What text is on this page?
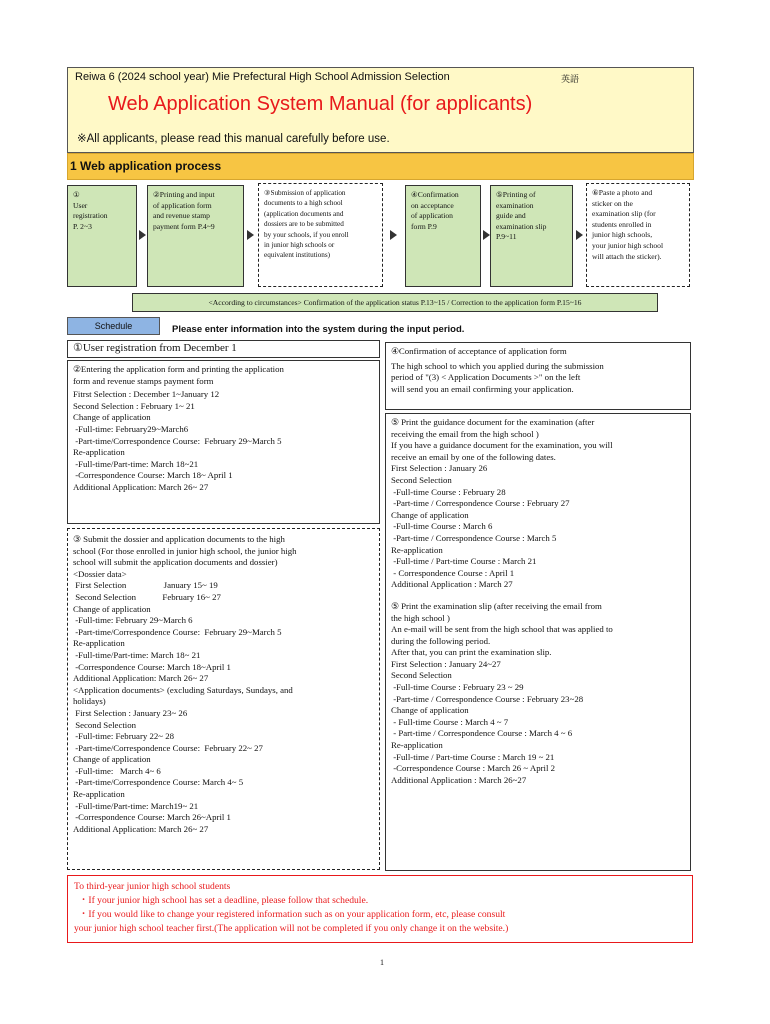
Reiwa 6 (2024 school year) Mie Prefectural High School Admission Selection	英語
Web Application System Manual (for applicants)
※All applicants, please read this manual carefully before use.
1 Web application process
①
User
registration
P. 2~3
②Printing and input
of application form
and revenue stamp
payment form P.4~9
③Submission of application
documents to a high school
(application documents and
dossiers are to be submitted
by your schools, if you enroll
in junior high schools or
equivalent institutions)
④Confirmation
on acceptance
of application
form P.9
⑤Printing of
examination
guide and
examination slip
P.9~11
⑥Paste a photo and
sticker on the
examination slip (for
students enrolled in
junior high schools,
your junior high school
will attach the sticker).
<According to circumstances> Confirmation of the application status P.13~15 / Correction to the application form P.15~16
Schedule	Please enter information into the system during the input period.
①User registration from December 1
②Entering the application form and printing the application
form and revenue stamps payment form
Fitrst Selection : December 1~January 12
Second Selection : February 1~ 21
Change of application
-Full-time: February29~March6
-Part-time/Correspondence Course:  February 29~March 5
Re-application
-Full-time/Part-time: March 18~21
-Correspondence Course: March 18~ April 1
Additional Application: March 26~ 27
③ Submit the dossier and application documents to the high
school (For those enrolled in junior high school, the junior high
school will submit the application documents and dossier)
<Dossier data>
First Selection                 January 15~ 19
Second Selection            February 16~ 27
Change of application
-Full-time: February 29~March 6
-Part-time/Correspondence Course:  February 29~March 5
Re-application
-Full-time/Part-time: March 18~ 21
-Correspondence Course: March 18~April 1
Additional Application: March 26~ 27
<Application documents> (excluding Saturdays, Sundays, and
holidays)
First Selection : January 23~ 26
Second Selection
-Full-time: February 22~ 28
-Part-time/Correspondence Course:  February 22~ 27
Change of application
-Full-time:   March 4~ 6
-Part-time/Correspondence Course: March 4~ 5
Re-application
-Full-time/Part-time: March19~ 21
-Correspondence Course: March 26~April 1
Additional Application: March 26~ 27
④Confirmation of acceptance of application form
The high school to which you applied during the submission
period of "(3) < Application Documents >" on the left
will send you an email confirming your application.
⑤ Print the guidance document for the examination (after
receiving the email from the high school )
If you have a guidance document for the examination, you will
receive an email by one of the following dates.
First Selection : January 26
Second Selection
-Full-time Course : February 28
-Part-time / Correspondence Course : February 27
Change of application
-Full-time Course : March 6
-Part-time / Correspondence Course : March 5
Re-application
-Full-time / Part-time Course : March 21
- Correspondence Course : April 1
Additional Application : March 27
⑤ Print the examination slip (after receiving the email from
the high school )
An e-mail will be sent from the high school that was applied to
during the following period.
After that, you can print the examination slip.
First Selection : January 24~27
Second Selection
-Full-time Course : February 23 ~ 29
-Part-time / Correspondence Course : February 23~28
Change of application
- Full-time Course : March 4 ~ 7
- Part-time / Correspondence Course : March 4 ~ 6
Re-application
-Full-time / Part-time Course : March 19 ~ 21
-Correspondence Course : March 26 ~ April 2
Additional Application : March 26~27
To third-year junior high school students
・If your junior high school has set a deadline, please follow that schedule.
・If you would like to change your registered information such as on your application form, etc, please consult
your junior high school teacher first.(The application will not be completed if you only change it on the website.)
1
